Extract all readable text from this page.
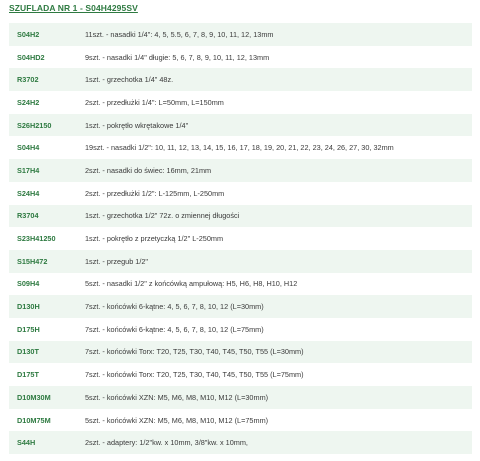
SZUFLADA NR 1 - S04H4295SV
S04H2	11szt. - nasadki 1/4": 4, 5, 5.5, 6, 7, 8, 9, 10, 11, 12, 13mm
S04HD2	9szt. - nasadki 1/4" długie: 5, 6, 7, 8, 9, 10, 11, 12, 13mm
R3702	1szt. - grzechotka 1/4" 48z.
S24H2	2szt. - przedłużki 1/4": L=50mm, L=150mm
S26H2150	1szt. - pokrętło wkrętakowe 1/4"
S04H4	19szt. - nasadki 1/2": 10, 11, 12, 13, 14, 15, 16, 17, 18, 19, 20, 21, 22, 23, 24, 26, 27, 30, 32mm
S17H4	2szt. - nasadki do świec: 16mm, 21mm
S24H4	2szt. - przedłużki 1/2": L-125mm, L-250mm
R3704	1szt. - grzechotka 1/2" 72z. o zmiennej długości
S23H41250	1szt. - pokrętło z przetyczką 1/2" L-250mm
S15H472	1szt. - przegub 1/2"
S09H4	5szt. - nasadki 1/2" z końcówką ampułową: H5, H6, H8, H10, H12
D130H	7szt. - końcówki 6-kątne: 4, 5, 6, 7, 8, 10, 12 (L=30mm)
D175H	7szt. - końcówki 6-kątne: 4, 5, 6, 7, 8, 10, 12 (L=75mm)
D130T	7szt. - końcówki Torx: T20, T25, T30, T40, T45, T50, T55 (L=30mm)
D175T	7szt. - końcówki Torx: T20, T25, T30, T40, T45, T50, T55 (L=75mm)
D10M30M	5szt. - końcówki XZN: M5, M6, M8, M10, M12 (L=30mm)
D10M75M	5szt. - końcówki XZN: M5, M6, M8, M10, M12 (L=75mm)
S44H	2szt. - adaptery: 1/2"kw. x 10mm, 3/8"kw. x 10mm,
